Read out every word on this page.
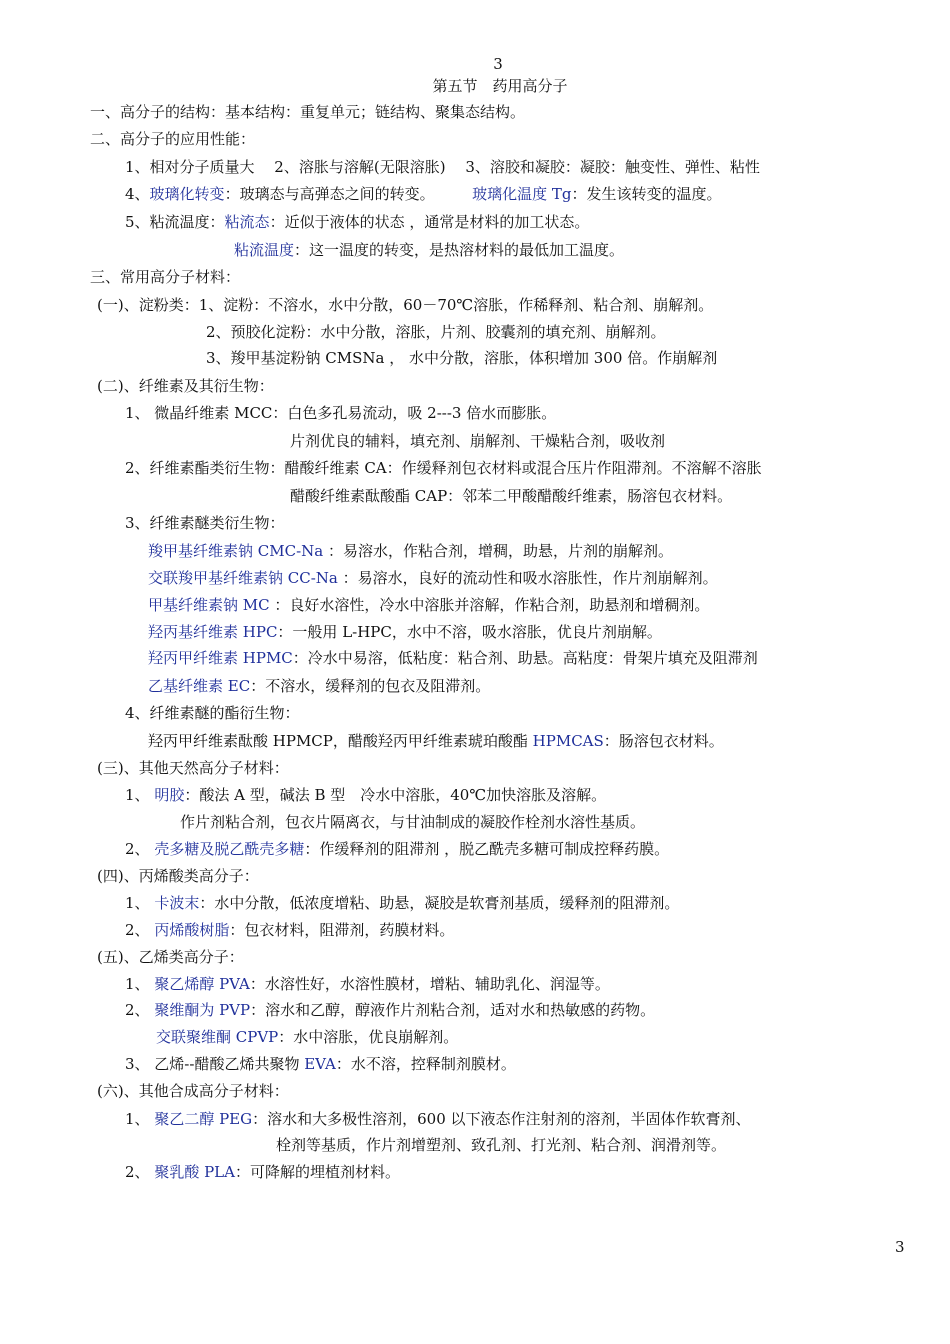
3
第五节　药用高分子
一、高分子的结构：基本结构：重复单元；链结构、聚集态结构。
二、高分子的应用性能：
1、相对分子质量大　 2、溶胀与溶解(无限溶胀)　 3、溶胶和凝胶：凝胶：触变性、弹性、粘性
4、玻璃化转变：玻璃态与高弹态之间的转变。　　　玻璃化温度 Tg：发生该转变的温度。
5、粘流温度：粘流态：近似于液体的状态 ，通常是材料的加工状态。
粘流温度：这一温度的转变，是热溶材料的最低加工温度。
三、常用高分子材料：
(一)、淀粉类：1、淀粉：不溶水，水中分散，60－70℃溶胀，作稀释剂、粘合剂、崩解剂。
2、预胶化淀粉：水中分散，溶胀，片剂、胶囊剂的填充剂、崩解剂。
3、羧甲基淀粉钠 CMSNa ， 水中分散，溶胀，体积增加 300 倍。作崩解剂
(二)、纤维素及其衍生物：
1、 微晶纤维素 MCC：白色多孔易流动，吸 2---3 倍水而膨胀。
片剂优良的辅料，填充剂、崩解剂、干燥粘合剂，吸收剂
2、纤维素酯类衍生物：醋酸纤维素 CA：作缓释剂包衣材料或混合压片作阻滞剂。不溶解不溶胀
醋酸纤维素酞酸酯 CAP：邻苯二甲酸醋酸纤维素，肠溶包衣材料。
3、纤维素醚类衍生物：
羧甲基纤维素钠 CMC-Na ：易溶水，作粘合剂，增稠，助悬，片剂的崩解剂。
交联羧甲基纤维素钠 CC-Na ：易溶水，良好的流动性和吸水溶胀性，作片剂崩解剂。
甲基纤维素钠 MC ：良好水溶性，冷水中溶胀并溶解，作粘合剂，助悬剂和增稠剂。
羟丙基纤维素 HPC：一般用 L-HPC，水中不溶，吸水溶胀，优良片剂崩解。
羟丙甲纤维素 HPMC：冷水中易溶，低粘度：粘合剂、助悬。高粘度：骨架片填充及阻滞剂
乙基纤维素 EC：不溶水，缓释剂的包衣及阻滞剂。
4、纤维素醚的酯衍生物：
羟丙甲纤维素酞酸 HPMCP，醋酸羟丙甲纤维素琥珀酸酯 HPMCAS：肠溶包衣材料。
(三)、其他天然高分子材料：
1、 明胶：酸法 A 型，碱法 B 型　冷水中溶胀，40℃加快溶胀及溶解。
作片剂粘合剂，包衣片隔离衣，与甘油制成的凝胶作栓剂水溶性基质。
2、 壳多糖及脱乙酰壳多糖：作缓释剂的阻滞剂 ，脱乙酰壳多糖可制成控释药膜。
(四)、丙烯酸类高分子：
1、 卡波末：水中分散，低浓度增粘、助悬，凝胶是软膏剂基质，缓释剂的阻滞剂。
2、 丙烯酸树脂：包衣材料，阻滞剂，药膜材料。
(五)、乙烯类高分子：
1、 聚乙烯醇 PVA：水溶性好，水溶性膜材，增粘、辅助乳化、润湿等。
2、 聚维酮为 PVP：溶水和乙醇，醇液作片剂粘合剂，适对水和热敏感的药物。
交联聚维酮 CPVP：水中溶胀，优良崩解剂。
3、 乙烯--醋酸乙烯共聚物 EVA：水不溶，控释制剂膜材。
(六)、其他合成高分子材料：
1、 聚乙二醇 PEG：溶水和大多极性溶剂，600 以下液态作注射剂的溶剂，半固体作软膏剂、
栓剂等基质，作片剂增塑剂、致孔剂、打光剂、粘合剂、润滑剂等。
2、 聚乳酸 PLA：可降解的埋植剂材料。
3
